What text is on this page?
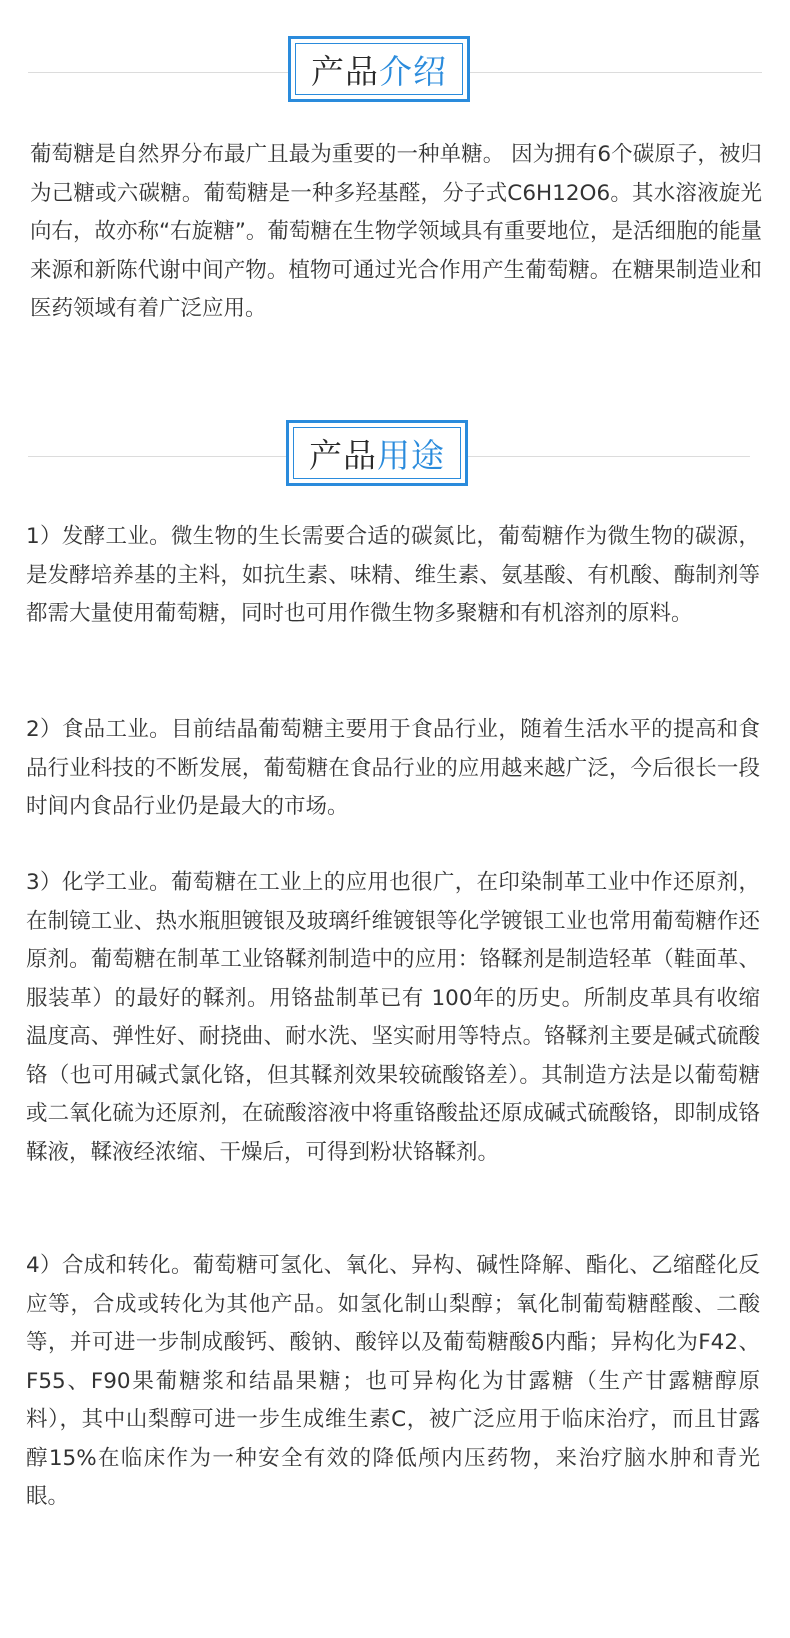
产品 介绍

葡萄糖是自然界分布最广且最为重要的一种单糖。 因为拥有6个碳原子，被归为己糖或六碳糖。葡萄糖是一种多羟基醛，分子式C6H12O6。其水溶液旋光向右，故亦称“右旋糖”。葡萄糖在生物学领域具有重要地位，是活细胞的能量来源和新陈代谢中间产物。植物可通过光合作用产生葡萄糖。在糖果制造业和医药领域有着广泛应用。

产品 用途

1）发酵工业。微生物的生长需要合适的碳氮比，葡萄糖作为微生物的碳源，是发酵培养基的主料，如抗生素、味精、维生素、氨基酸、有机酸、酶制剂等都需大量使用葡萄糖，同时也可用作微生物多聚糖和有机溶剂的原料。

2）食品工业。目前结晶葡萄糖主要用于食品行业，随着生活水平的提高和食品行业科技的不断发展，葡萄糖在食品行业的应用越来越广泛，今后很长一段时间内食品行业仍是最大的市场。

3）化学工业。葡萄糖在工业上的应用也很广，在印染制革工业中作还原剂，在制镜工业、热水瓶胆镀银及玻璃纤维镀银等化学镀银工业也常用葡萄糖作还原剂。葡萄糖在制革工业铬鞣剂制造中的应用：铬鞣剂是制造轻革（鞋面革、服装革）的最好的鞣剂。用铬盐制革已有 100年的历史。所制皮革具有收缩温度高、弹性好、耐挠曲、耐水洗、坚实耐用等特点。铬鞣剂主要是碱式硫酸铬（也可用碱式氯化铬，但其鞣剂效果较硫酸铬差）。其制造方法是以葡萄糖或二氧化硫为还原剂，在硫酸溶液中将重铬酸盐还原成碱式硫酸铬，即制成铬鞣液，鞣液经浓缩、干燥后，可得到粉状铬鞣剂。

4）合成和转化。葡萄糖可氢化、氧化、异构、碱性降解、酯化、乙缩醛化反应等，合成或转化为其他产品。如氢化制山梨醇；氧化制葡萄糖醛酸、二酸等，并可进一步制成酸钙、酸钠、酸锌以及葡萄糖酸δ内酯；异构化为F42、F55、F90果葡糖浆和结晶果糖；也可异构化为甘露糖（生产甘露糖醇原料），其中山梨醇可进一步生成维生素C，被广泛应用于临床治疗，而且甘露醇15%在临床作为一种安全有效的降低颅内压药物，来治疗脑水肿和青光眼。
